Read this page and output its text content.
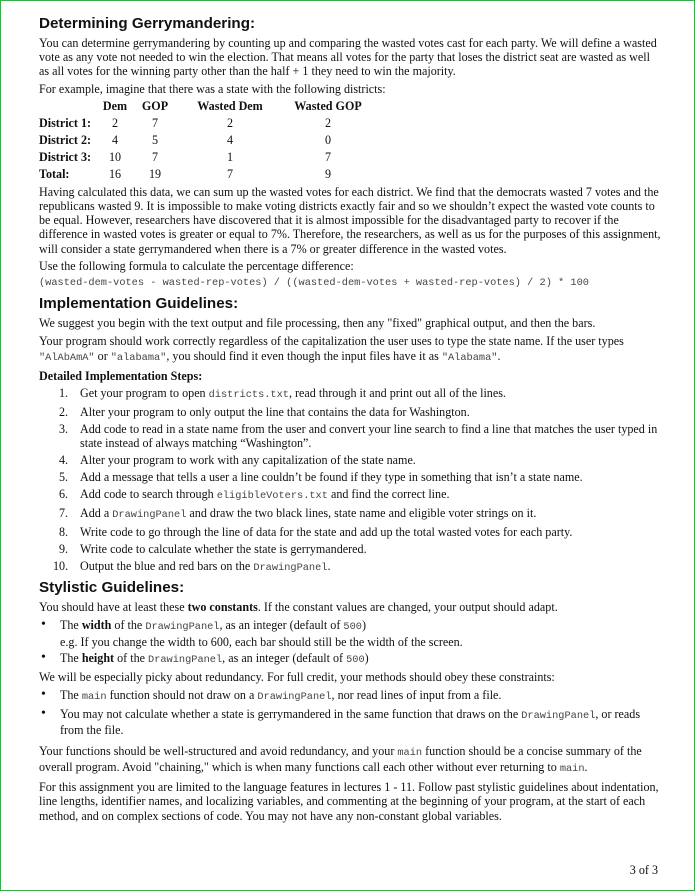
Determining Gerrymandering:

You can determine gerrymandering by counting up and comparing the wasted votes cast for each party. We will define a wasted vote as any vote not needed to win the election. That means all votes for the party that loses the district seat are wasted as well as all votes for the winning party other than the half + 1 they need to win the majority.

For example, imagine that there was a state with the following districts:

	Dem	GOP	Wasted Dem	Wasted GOP
District 1:	2	7	2	2
District 2:	4	5	4	0
District 3:	10	7	1	7
Total:	16	19	7	9

Having calculated this data, we can sum up the wasted votes for each district. We find that the democrats wasted 7 votes and the republicans wasted 9. It is impossible to make voting districts exactly fair and so we shouldn’t expect the wasted vote counts to be equal. However, researchers have discovered that it is almost impossible for the disadvantaged party to recover if the difference in wasted votes is greater or equal to 7%. Therefore, the researchers, as well as us for the purposes of this assignment, will consider a state gerrymandered when there is a 7% or greater difference in the wasted votes.

Use the following formula to calculate the percentage difference:

(wasted-dem-votes - wasted-rep-votes) / ((wasted-dem-votes + wasted-rep-votes) / 2) * 100

Implementation Guidelines:

We suggest you begin with the text output and file processing, then any "fixed" graphical output, and then the bars.

Your program should work correctly regardless of the capitalization the user uses to type the state name. If the user types "AlAbAmA" or "alabama", you should find it even though the input files have it as "Alabama".

Detailed Implementation Steps:

1. Get your program to open districts.txt, read through it and print out all of the lines.
2. Alter your program to only output the line that contains the data for Washington.
3. Add code to read in a state name from the user and convert your line search to find a line that matches the user typed in state instead of always matching “Washington”.
4. Alter your program to work with any capitalization of the state name.
5. Add a message that tells a user a line couldn’t be found if they type in something that isn’t a state name.
6. Add code to search through eligibleVoters.txt and find the correct line.
7. Add a DrawingPanel and draw the two black lines, state name and eligible voter strings on it.
8. Write code to go through the line of data for the state and add up the total wasted votes for each party.
9. Write code to calculate whether the state is gerrymandered.
10. Output the blue and red bars on the DrawingPanel.
Stylistic Guidelines:

You should have at least these two constants. If the constant values are changed, your output should adapt.

• The width of the DrawingPanel, as an integer (default of 500)
e.g. If you change the width to 600, each bar should still be the width of the screen.
• The height of the DrawingPanel, as an integer (default of 500)

We will be especially picky about redundancy. For full credit, your methods should obey these constraints:

• The main function should not draw on a DrawingPanel, nor read lines of input from a file.
• You may not calculate whether a state is gerrymandered in the same function that draws on the DrawingPanel, or reads from the file.

Your functions should be well-structured and avoid redundancy, and your main function should be a concise summary of the overall program. Avoid "chaining," which is when many functions call each other without ever returning to main.

For this assignment you are limited to the language features in lectures 1 - 11. Follow past stylistic guidelines about indentation, line lengths, identifier names, and localizing variables, and commenting at the beginning of your program, at the start of each method, and on complex sections of code. You may not have any non-constant global variables.

3 of 3
